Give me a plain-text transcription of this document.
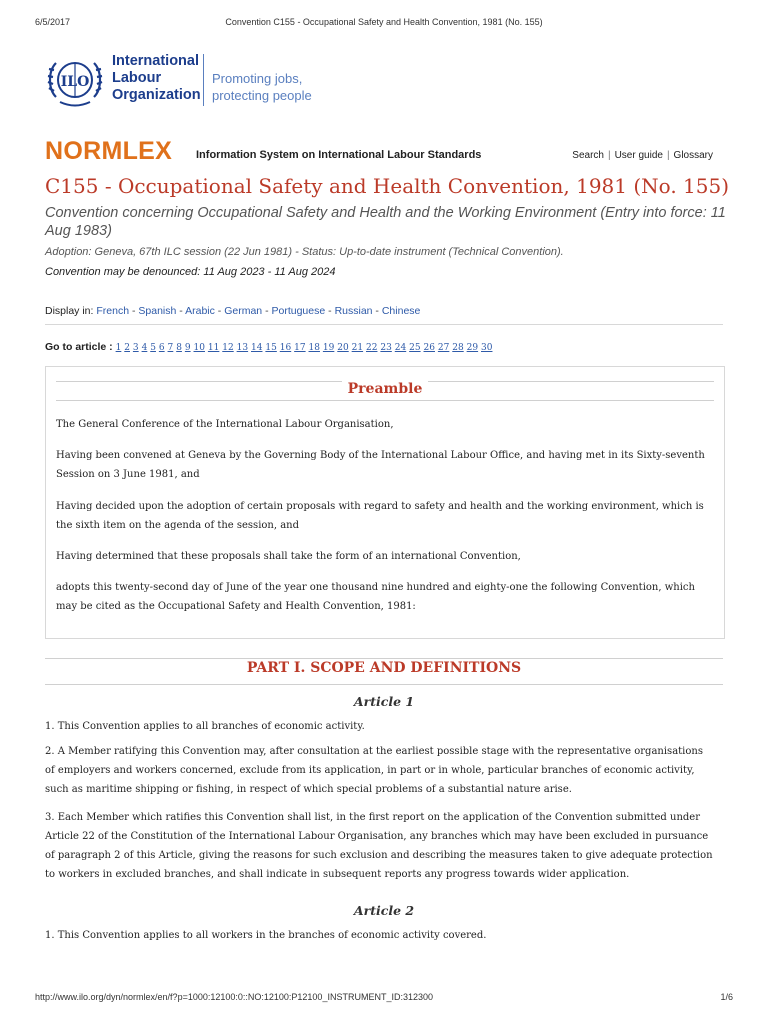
6/5/2017	Convention C155 - Occupational Safety and Health Convention, 1981 (No. 155)
ILO
International
Labour
Organization
Promoting jobs,
protecting people
NORMLEX Information System on International Labour Standards	Search | User guide | Glossary
C155 - Occupational Safety and Health Convention, 1981 (No. 155)
Convention concerning Occupational Safety and Health and the Working Environment (Entry into force: 11 Aug 1983)
Adoption: Geneva, 67th ILC session (22 Jun 1981) - Status: Up-to-date instrument (Technical Convention).
Convention may be denounced: 11 Aug 2023 - 11 Aug 2024
Display in: French - Spanish - Arabic - German - Portuguese - Russian - Chinese
Go to article : 1 2 3 4 5 6 7 8 9 10 11 12 13 14 15 16 17 18 19 20 21 22 23 24 25 26 27 28 29 30
Preamble

The General Conference of the International Labour Organisation,

Having been convened at Geneva by the Governing Body of the International Labour Office, and having met in its Sixty-seventh Session on 3 June 1981, and

Having decided upon the adoption of certain proposals with regard to safety and health and the working environment, which is the sixth item on the agenda of the session, and

Having determined that these proposals shall take the form of an international Convention,

adopts this twenty-second day of June of the year one thousand nine hundred and eighty-one the following Convention, which may be cited as the Occupational Safety and Health Convention, 1981:

PART I. SCOPE AND DEFINITIONS
Article 1

1. This Convention applies to all branches of economic activity.

2. A Member ratifying this Convention may, after consultation at the earliest possible stage with the representative organisations of employers and workers concerned, exclude from its application, in part or in whole, particular branches of economic activity, such as maritime shipping or fishing, in respect of which special problems of a substantial nature arise.

3. Each Member which ratifies this Convention shall list, in the first report on the application of the Convention submitted under Article 22 of the Constitution of the International Labour Organisation, any branches which may have been excluded in pursuance of paragraph 2 of this Article, giving the reasons for such exclusion and describing the measures taken to give adequate protection to workers in excluded branches, and shall indicate in subsequent reports any progress towards wider application.

Article 2

1. This Convention applies to all workers in the branches of economic activity covered.

http://www.ilo.org/dyn/normlex/en/f?p=1000:12100:0::NO:12100:P12100_INSTRUMENT_ID:312300	1/6
